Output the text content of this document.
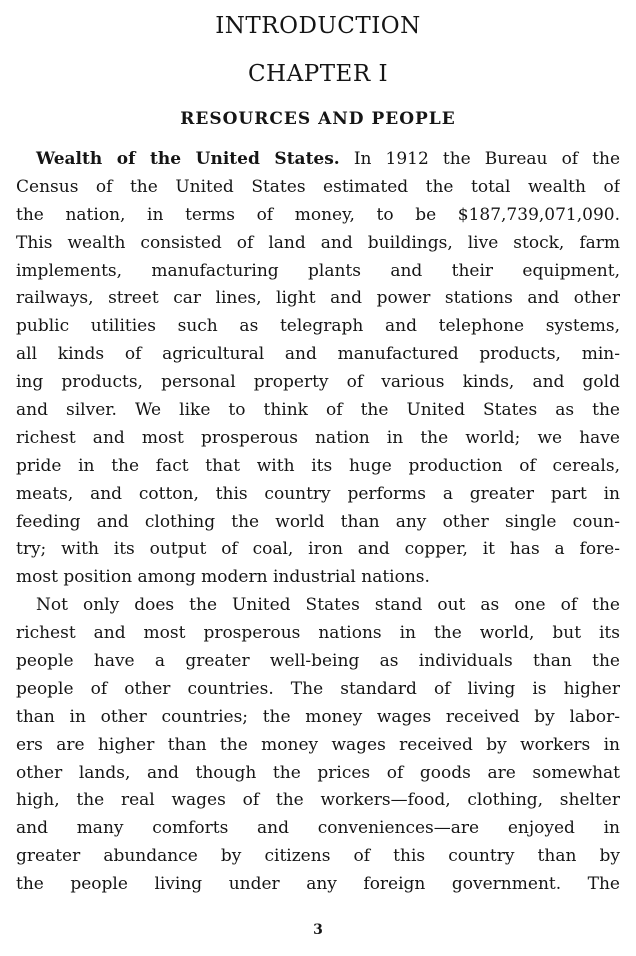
INTRODUCTION
CHAPTER I
RESOURCES AND PEOPLE
Wealth of the United States. In 1912 the Bureau of the
Census of the United States estimated the total wealth of
the nation, in terms of money, to be $187,739,071,090.
This wealth consisted of land and buildings, live stock, farm
implements, manufacturing plants and their equipment,
railways, street car lines, light and power stations and other
public utilities such as telegraph and telephone systems,
all kinds of agricultural and manufactured products, min-
ing products, personal property of various kinds, and gold
and silver. We like to think of the United States as the
richest and most prosperous nation in the world; we have
pride in the fact that with its huge production of cereals,
meats, and cotton, this country performs a greater part in
feeding and clothing the world than any other single coun-
try; with its output of coal, iron and copper, it has a fore-
most position among modern industrial nations.
Not only does the United States stand out as one of the
richest and most prosperous nations in the world, but its
people have a greater well-being as individuals than the
people of other countries. The standard of living is higher
than in other countries; the money wages received by labor-
ers are higher than the money wages received by workers in
other lands, and though the prices of goods are somewhat
high, the real wages of the workers—food, clothing, shelter
and many comforts and conveniences—are enjoyed in
greater abundance by citizens of this country than by
the people living under any foreign government. The
3
